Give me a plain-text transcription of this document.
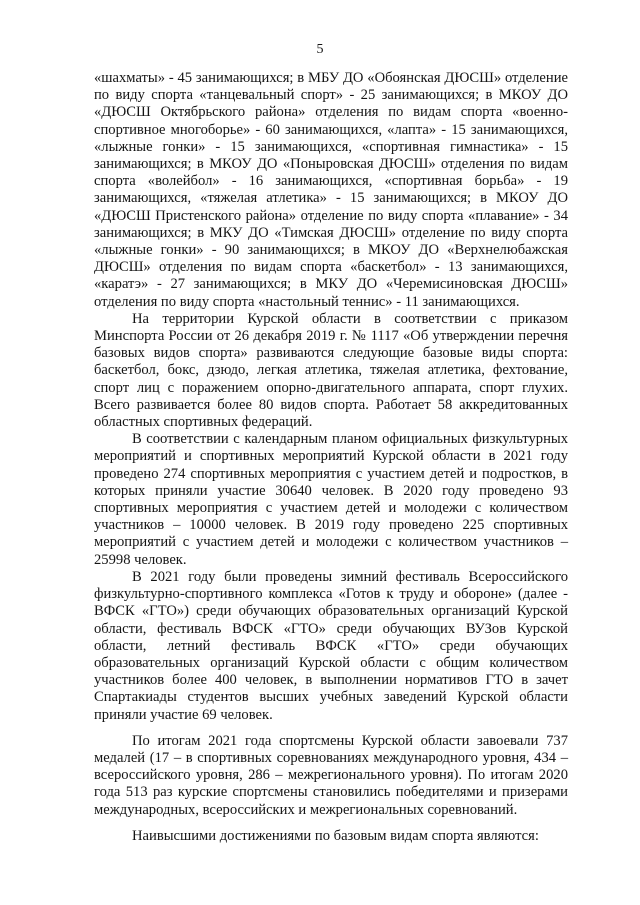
5

«шахматы» - 45 занимающихся; в МБУ ДО «Обоянская ДЮСШ» отделение по виду спорта «танцевальный спорт» - 25 занимающихся; в МКОУ ДО «ДЮСШ Октябрьского района» отделения по видам спорта «военно-спортивное многоборье» - 60 занимающихся, «лапта» - 15 занимающихся, «лыжные гонки» - 15 занимающихся, «спортивная гимнастика» - 15 занимающихся; в МКОУ ДО «Поныровская ДЮСШ» отделения по видам спорта «волейбол» - 16 занимающихся, «спортивная борьба» - 19 занимающихся, «тяжелая атлетика» - 15 занимающихся; в МКОУ ДО «ДЮСШ Пристенского района» отделение по виду спорта «плавание» - 34 занимающихся; в МКУ ДО «Тимская ДЮСШ» отделение по виду спорта «лыжные гонки» - 90 занимающихся; в МКОУ ДО «Верхнелюбажская ДЮСШ» отделения по видам спорта «баскетбол» - 13 занимающихся, «каратэ» - 27 занимающихся; в МКУ ДО «Черемисиновская ДЮСШ» отделения по виду спорта «настольный теннис» - 11 занимающихся.

На территории Курской области в соответствии с приказом Минспорта России от 26 декабря 2019 г. № 1117 «Об утверждении перечня базовых видов спорта» развиваются следующие базовые виды спорта: баскетбол, бокс, дзюдо, легкая атлетика, тяжелая атлетика, фехтование, спорт лиц с поражением опорно-двигательного аппарата, спорт глухих. Всего развивается более 80 видов спорта. Работает 58 аккредитованных областных спортивных федераций.

В соответствии с календарным планом официальных физкультурных мероприятий и спортивных мероприятий Курской области в 2021 году проведено 274 спортивных мероприятия с участием детей и подростков, в которых приняли участие 30640 человек. В 2020 году проведено 93 спортивных мероприятия с участием детей и молодежи с количеством участников – 10000 человек. В 2019 году проведено 225 спортивных мероприятий с участием детей и молодежи с количеством участников – 25998 человек.

В 2021 году были проведены зимний фестиваль Всероссийского физкультурно-спортивного комплекса «Готов к труду и обороне» (далее - ВФСК «ГТО») среди обучающих образовательных организаций Курской области, фестиваль ВФСК «ГТО» среди обучающих ВУЗов Курской области, летний фестиваль ВФСК «ГТО» среди обучающих образовательных организаций Курской области с общим количеством участников более 400 человек, в выполнении нормативов ГТО в зачет Спартакиады студентов высших учебных заведений Курской области приняли участие 69 человек.

По итогам 2021 года спортсмены Курской области завоевали 737 медалей (17 – в спортивных соревнованиях международного уровня, 434 – всероссийского уровня, 286 – межрегионального уровня). По итогам 2020 года 513 раз курские спортсмены становились победителями и призерами международных, всероссийских и межрегиональных соревнований.

Наивысшими достижениями по базовым видам спорта являются:
